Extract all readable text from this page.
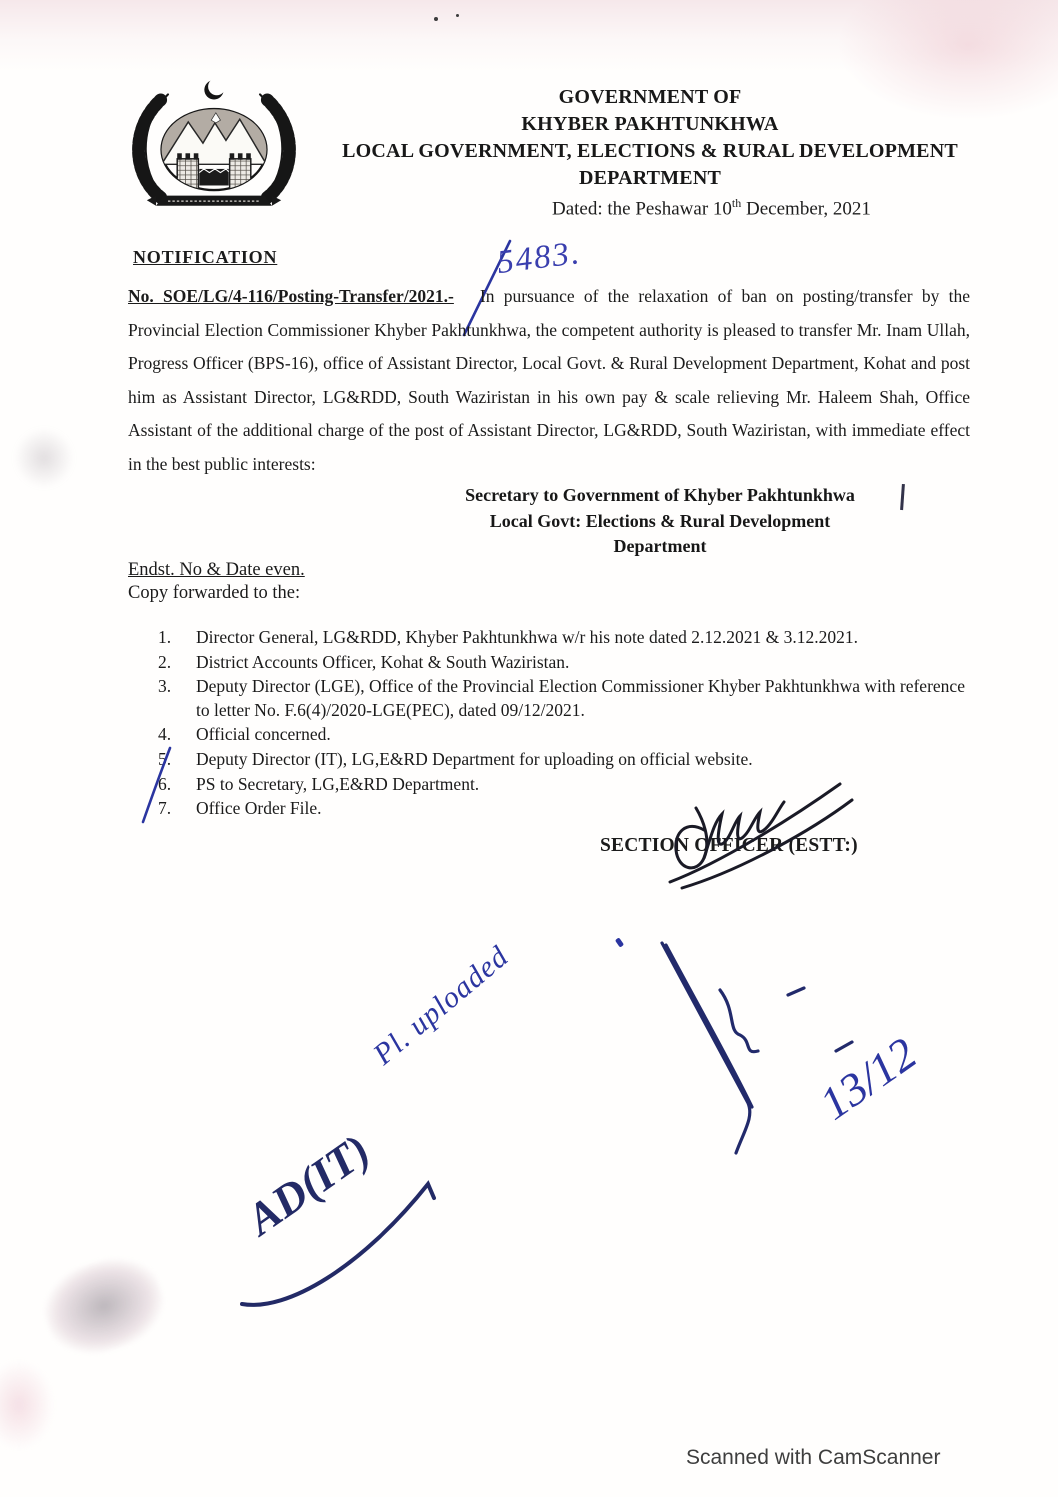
GOVERNMENT OF
KHYBER PAKHTUNKHWA
LOCAL GOVERNMENT, ELECTIONS & RURAL DEVELOPMENT
DEPARTMENT
Dated: the Peshawar 10th December, 2021
NOTIFICATION	5483.

No. SOE/LG/4-116/Posting-Transfer/2021.- In pursuance of the relaxation of ban on posting/transfer by the Provincial Election Commissioner Khyber Pakhtunkhwa, the competent authority is pleased to transfer Mr. Inam Ullah, Progress Officer (BPS-16), office of Assistant Director, Local Govt. & Rural Development Department, Kohat and post him as Assistant Director, LG&RDD, South Waziristan in his own pay & scale relieving Mr. Haleem Shah, Office Assistant of the additional charge of the post of Assistant Director, LG&RDD, South Waziristan, with immediate effect in the best public interests:

Secretary to Government of Khyber Pakhtunkhwa
Local Govt: Elections & Rural Development
Department
Endst. No & Date even.
Copy forwarded to the:
1.	Director General, LG&RDD, Khyber Pakhtunkhwa w/r his note dated 2.12.2021 & 3.12.2021.
2.	District Accounts Officer, Kohat & South Waziristan.
3.	Deputy Director (LGE), Office of the Provincial Election Commissioner Khyber Pakhtunkhwa with reference to letter No. F.6(4)/2020-LGE(PEC), dated 09/12/2021.
4.	Official concerned.
5.	Deputy Director (IT), LG,E&RD Department for uploading on official website.
6.	PS to Secretary, LG,E&RD Department.
7.	Office Order File.
SECTION OFFICER (ESTT:)
Pl. uploaded
13/12
AD(IT)
Scanned with CamScanner
